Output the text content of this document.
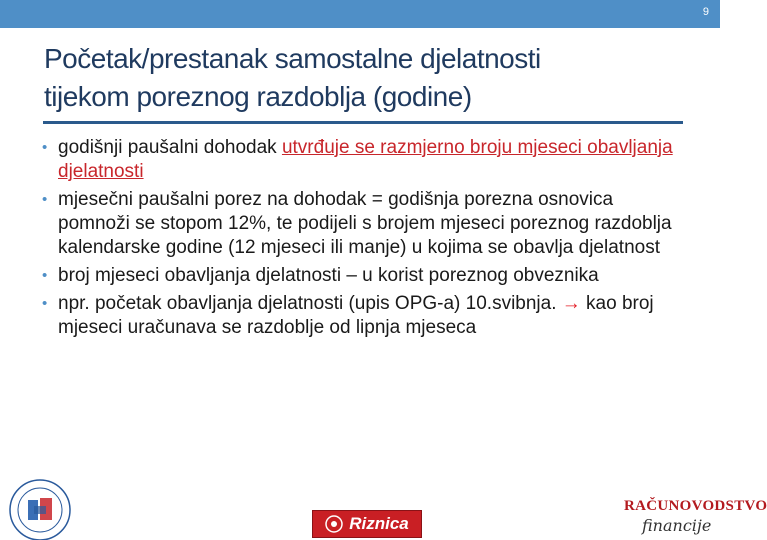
9
Početak/prestanak samostalne djelatnosti
tijekom poreznog razdoblja (godine)
• godišnji paušalni dohodak utvrđuje se razmjerno broju mjeseci obavljanja djelatnosti
• mjesečni paušalni porez na dohodak = godišnja porezna osnovica pomnoži se stopom 12%, te podijeli s brojem mjeseci poreznog razdoblja kalendarske godine (12 mjeseci ili manje) u kojima se obavlja djelatnost
• broj mjeseci obavljanja djelatnosti – u korist poreznog obveznika
• npr. početak obavljanja djelatnosti (upis OPG-a) 10.svibnja. → kao broj mjeseci uračunava se razdoblje od lipnja mjeseca
Riznica
RAČUNOVODSTVO
financije
